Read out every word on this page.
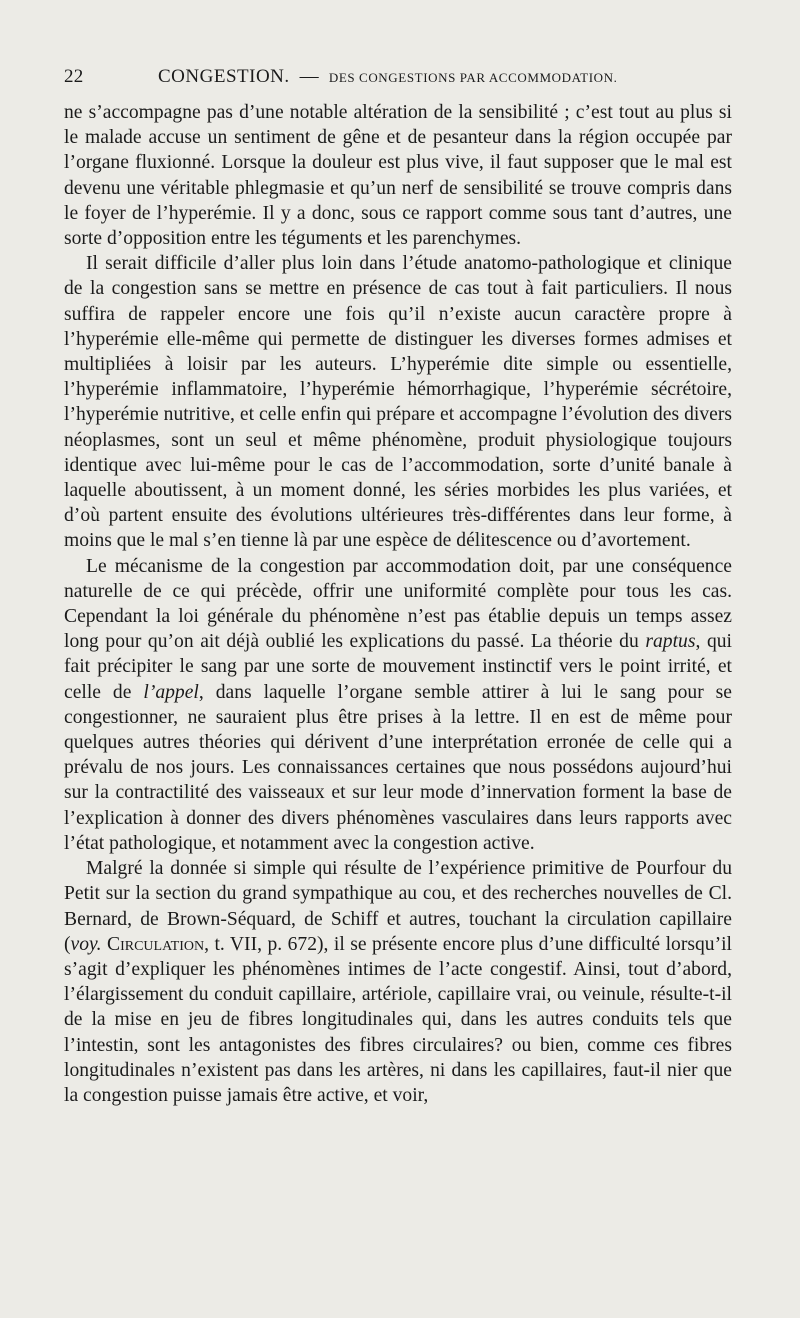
22	CONGESTION. — DES CONGESTIONS PAR ACCOMMODATION.

ne s’accompagne pas d’une notable altération de la sensibilité ; c’est tout au plus si le malade accuse un sentiment de gêne et de pesanteur dans la région occupée par l’organe fluxionné. Lorsque la douleur est plus vive, il faut supposer que le mal est devenu une véritable phlegmasie et qu’un nerf de sensibilité se trouve compris dans le foyer de l’hyperémie. Il y a donc, sous ce rapport comme sous tant d’autres, une sorte d’opposition entre les téguments et les parenchymes.

Il serait difficile d’aller plus loin dans l’étude anatomo-pathologique et clinique de la congestion sans se mettre en présence de cas tout à fait particuliers. Il nous suffira de rappeler encore une fois qu’il n’existe aucun caractère propre à l’hyperémie elle-même qui permette de distinguer les diverses formes admises et multipliées à loisir par les auteurs. L’hyperémie dite simple ou essentielle, l’hyperémie inflammatoire, l’hyperémie hémorrhagique, l’hyperémie sécrétoire, l’hyperémie nutritive, et celle enfin qui prépare et accompagne l’évolution des divers néoplasmes, sont un seul et même phénomène, produit physiologique toujours identique avec lui-même pour le cas de l’accommodation, sorte d’unité banale à laquelle aboutissent, à un moment donné, les séries morbides les plus variées, et d’où partent ensuite des évolutions ultérieures très-différentes dans leur forme, à moins que le mal s’en tienne là par une espèce de délitescence ou d’avortement.

Le mécanisme de la congestion par accommodation doit, par une conséquence naturelle de ce qui précède, offrir une uniformité complète pour tous les cas. Cependant la loi générale du phénomène n’est pas établie depuis un temps assez long pour qu’on ait déjà oublié les explications du passé. La théorie du raptus, qui fait précipiter le sang par une sorte de mouvement instinctif vers le point irrité, et celle de l’appel, dans laquelle l’organe semble attirer à lui le sang pour se congestionner, ne sauraient plus être prises à la lettre. Il en est de même pour quelques autres théories qui dérivent d’une interprétation erronée de celle qui a prévalu de nos jours. Les connaissances certaines que nous possédons aujourd’hui sur la contractilité des vaisseaux et sur leur mode d’innervation forment la base de l’explication à donner des divers phénomènes vasculaires dans leurs rapports avec l’état pathologique, et notamment avec la congestion active.

Malgré la donnée si simple qui résulte de l’expérience primitive de Pourfour du Petit sur la section du grand sympathique au cou, et des recherches nouvelles de Cl. Bernard, de Brown-Séquard, de Schiff et autres, touchant la circulation capillaire (voy. Circulation, t. VII, p. 672), il se présente encore plus d’une difficulté lorsqu’il s’agit d’expliquer les phénomènes intimes de l’acte congestif. Ainsi, tout d’abord, l’élargissement du conduit capillaire, artériole, capillaire vrai, ou veinule, résulte-t-il de la mise en jeu de fibres longitudinales qui, dans les autres conduits tels que l’intestin, sont les antagonistes des fibres circulaires? ou bien, comme ces fibres longitudinales n’existent pas dans les artères, ni dans les capillaires, faut-il nier que la congestion puisse jamais être active, et voir,
